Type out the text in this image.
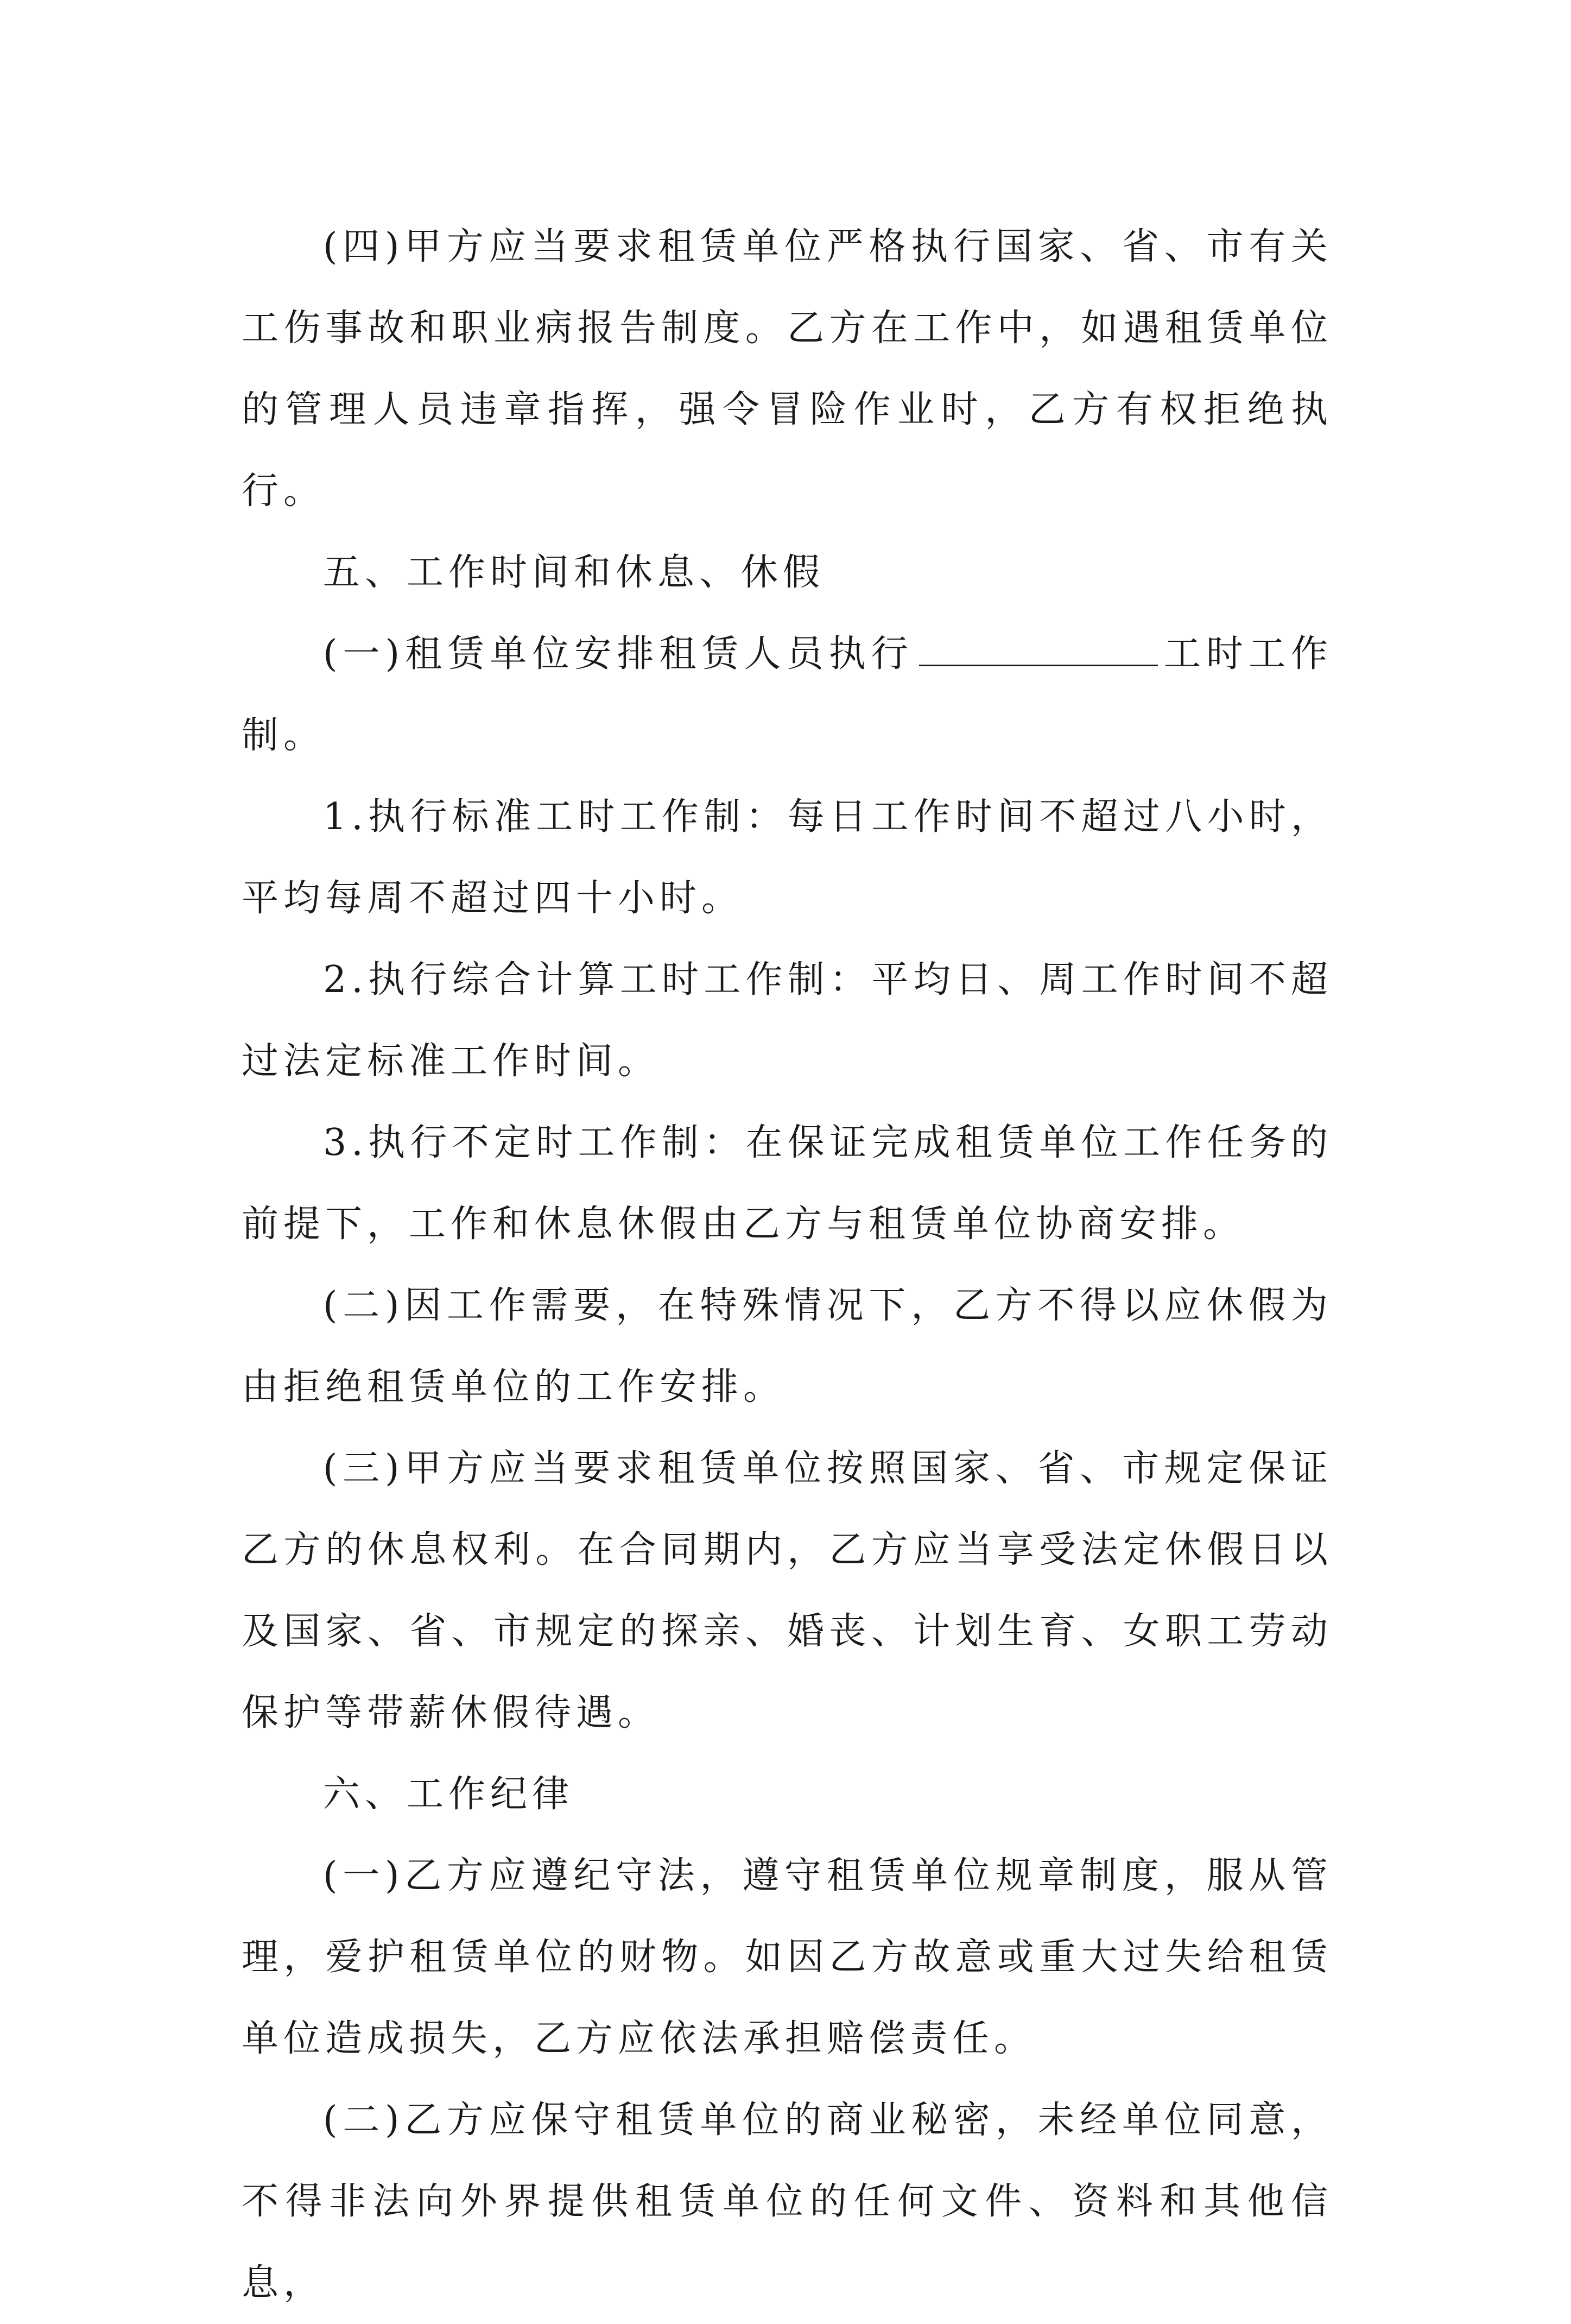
(四)甲方应当要求租赁单位严格执行国家、省、市有关工伤事故和职业病报告制度。乙方在工作中，如遇租赁单位的管理人员违章指挥，强令冒险作业时，乙方有权拒绝执行。

五、工作时间和休息、休假

(一)租赁单位安排租赁人员执行	工时工作制。

1.执行标准工时工作制：每日工作时间不超过八小时，平均每周不超过四十小时。

2.执行综合计算工时工作制：平均日、周工作时间不超过法定标准工作时间。

3.执行不定时工作制：在保证完成租赁单位工作任务的前提下，工作和休息休假由乙方与租赁单位协商安排。

(二)因工作需要，在特殊情况下，乙方不得以应休假为由拒绝租赁单位的工作安排。

(三)甲方应当要求租赁单位按照国家、省、市规定保证乙方的休息权利。在合同期内，乙方应当享受法定休假日以及国家、省、市规定的探亲、婚丧、计划生育、女职工劳动保护等带薪休假待遇。

六、工作纪律

(一)乙方应遵纪守法，遵守租赁单位规章制度，服从管理，爱护租赁单位的财物。如因乙方故意或重大过失给租赁单位造成损失，乙方应依法承担赔偿责任。

(二)乙方应保守租赁单位的商业秘密，未经单位同意，不得非法向外界提供租赁单位的任何文件、资料和其他信息，
